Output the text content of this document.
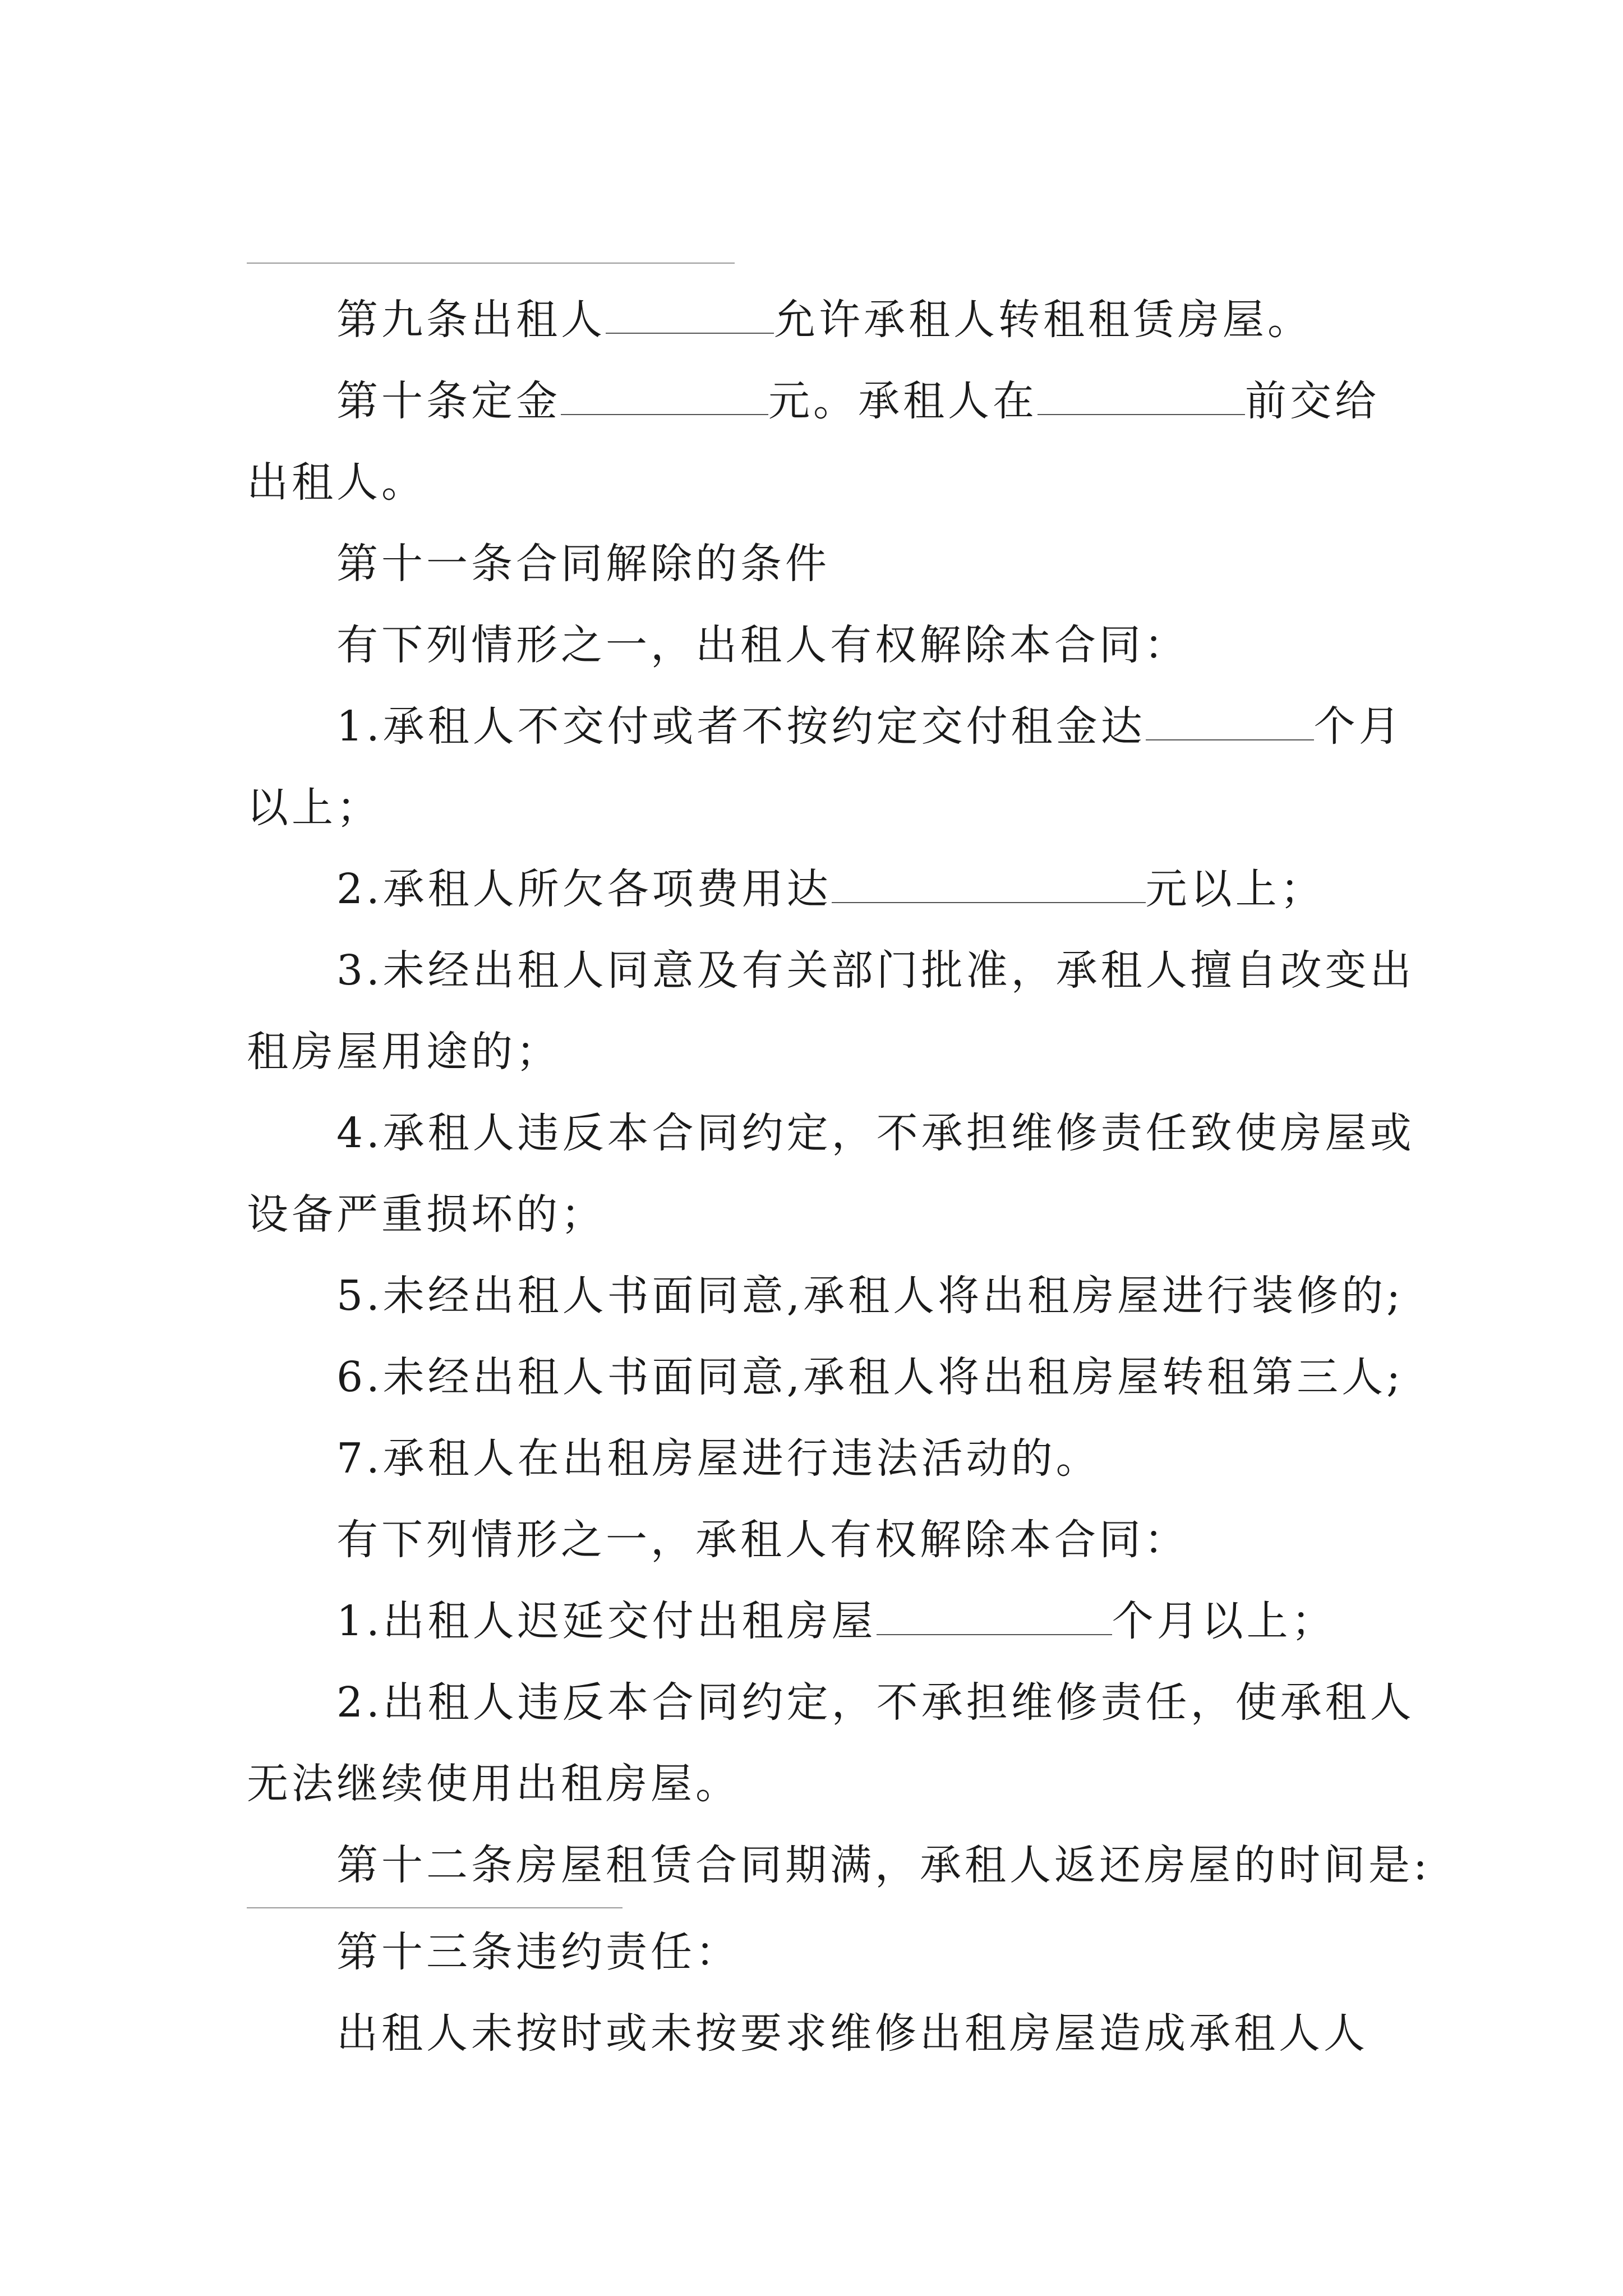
第九条出租人	允许承租人转租租赁房屋。
第十条定金	元。承租人在	前交给
出租人。
第十一条合同解除的条件
有下列情形之一，出租人有权解除本合同：
1.承租人不交付或者不按约定交付租金达	个月
以上；
2.承租人所欠各项费用达	元以上；
3.未经出租人同意及有关部门批准，承租人擅自改变出
租房屋用途的；
4.承租人违反本合同约定，不承担维修责任致使房屋或
设备严重损坏的；
5.未经出租人书面同意,承租人将出租房屋进行装修的;
6.未经出租人书面同意,承租人将出租房屋转租第三人;
7.承租人在出租房屋进行违法活动的。
有下列情形之一，承租人有权解除本合同：
1.出租人迟延交付出租房屋	个月以上；
2.出租人违反本合同约定，不承担维修责任，使承租人
无法继续使用出租房屋。
第十二条房屋租赁合同期满，承租人返还房屋的时间是:
第十三条违约责任：
出租人未按时或未按要求维修出租房屋造成承租人人
